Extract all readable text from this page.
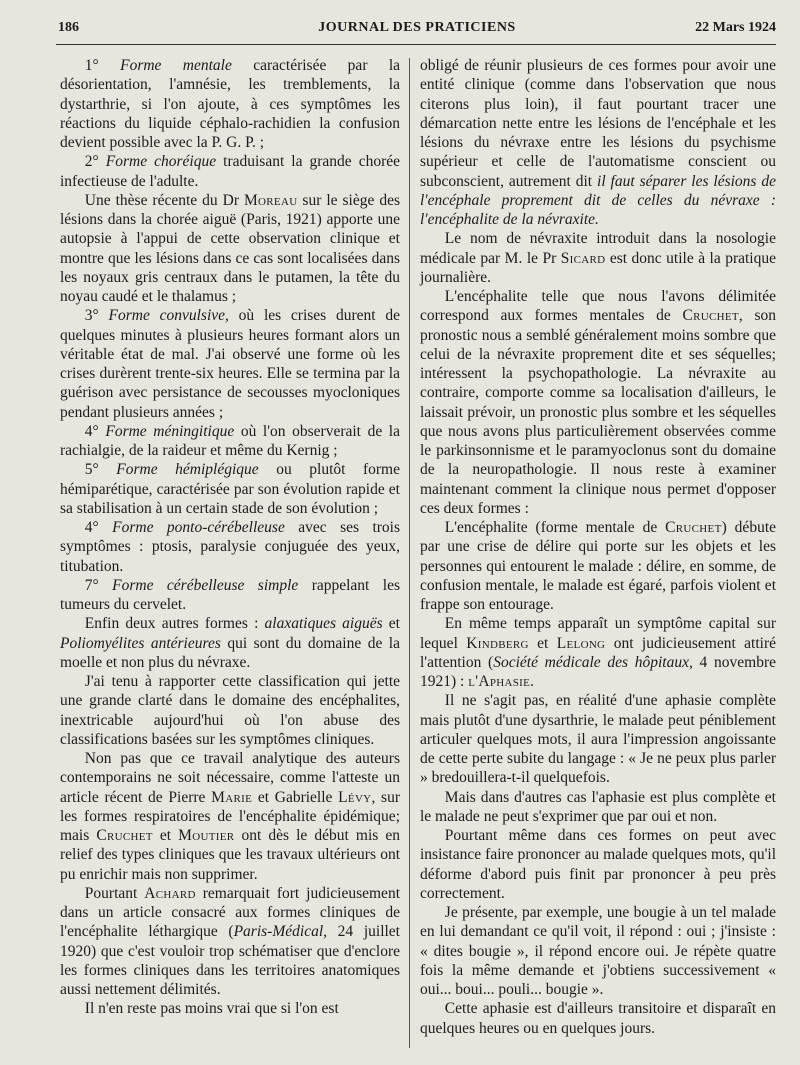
186	JOURNAL DES PRATICIENS	22 Mars 1924

1° Forme mentale caractérisée par la désorientation, l'amnésie, les tremblements, la dystarthrie, si l'on ajoute, à ces symptômes les réactions du liquide céphalo-rachidien la confusion devient possible avec la P. G. P. ;

2° Forme choréique traduisant la grande chorée infectieuse de l'adulte.

Une thèse récente du Dr Moreau sur le siège des lésions dans la chorée aiguë (Paris, 1921) apporte une autopsie à l'appui de cette observation clinique et montre que les lésions dans ce cas sont localisées dans les noyaux gris centraux dans le putamen, la tête du noyau caudé et le thalamus ;

3° Forme convulsive, où les crises durent de quelques minutes à plusieurs heures formant alors un véritable état de mal. J'ai observé une forme où les crises durèrent trente-six heures. Elle se termina par la guérison avec persistance de secousses myocloniques pendant plusieurs années ;

4° Forme méningitique où l'on observerait de la rachialgie, de la raideur et même du Kernig ;

5° Forme hémiplégique ou plutôt forme hémiparétique, caractérisée par son évolution rapide et sa stabilisation à un certain stade de son évolution ;

4° Forme ponto-cérébelleuse avec ses trois symptômes : ptosis, paralysie conjuguée des yeux, titubation.

7° Forme cérébelleuse simple rappelant les tumeurs du cervelet.

Enfin deux autres formes : alaxatiques aiguës et Poliomyélites antérieures qui sont du domaine de la moelle et non plus du névraxe.

J'ai tenu à rapporter cette classification qui jette une grande clarté dans le domaine des encéphalites, inextricable aujourd'hui où l'on abuse des classifications basées sur les symptômes cliniques.

Non pas que ce travail analytique des auteurs contemporains ne soit nécessaire, comme l'atteste un article récent de Pierre Marie et Gabrielle Lévy, sur les formes respiratoires de l'encéphalite épidémique; mais Cruchet et Moutier ont dès le début mis en relief des types cliniques que les travaux ultérieurs ont pu enrichir mais non supprimer.

Pourtant Achard remarquait fort judicieusement dans un article consacré aux formes cliniques de l'encéphalite léthargique (Paris-Médical, 24 juillet 1920) que c'est vouloir trop schématiser que d'enclore les formes cliniques dans les territoires anatomiques aussi nettement délimités.

Il n'en reste pas moins vrai que si l'on est

obligé de réunir plusieurs de ces formes pour avoir une entité clinique (comme dans l'observation que nous citerons plus loin), il faut pourtant tracer une démarcation nette entre les lésions de l'encéphale et les lésions du névraxe entre les lésions du psychisme supérieur et celle de l'automatisme conscient ou subconscient, autrement dit il faut séparer les lésions de l'encéphale proprement dit de celles du névraxe : l'encéphalite de la névraxite.

Le nom de névraxite introduit dans la nosologie médicale par M. le Pr Sicard est donc utile à la pratique journalière.

L'encéphalite telle que nous l'avons délimitée correspond aux formes mentales de Cruchet, son pronostic nous a semblé généralement moins sombre que celui de la névraxite proprement dite et ses séquelles; intéressent la psychopathologie. La névraxite au contraire, comporte comme sa localisation d'ailleurs, le laissait prévoir, un pronostic plus sombre et les séquelles que nous avons plus particulièrement observées comme le parkinsonnisme et le paramyoclonus sont du domaine de la neuropathologie. Il nous reste à examiner maintenant comment la clinique nous permet d'opposer ces deux formes :

L'encéphalite (forme mentale de Cruchet) débute par une crise de délire qui porte sur les objets et les personnes qui entourent le malade : délire, en somme, de confusion mentale, le malade est égaré, parfois violent et frappe son entourage.

En même temps apparaît un symptôme capital sur lequel Kindberg et Lelong ont judicieusement attiré l'attention (Société médicale des hôpitaux, 4 novembre 1921) : l'Aphasie.

Il ne s'agit pas, en réalité d'une aphasie complète mais plutôt d'une dysarthrie, le malade peut péniblement articuler quelques mots, il aura l'impression angoissante de cette perte subite du langage : « Je ne peux plus parler » bredouillera-t-il quelquefois.

Mais dans d'autres cas l'aphasie est plus complète et le malade ne peut s'exprimer que par oui et non.

Pourtant même dans ces formes on peut avec insistance faire prononcer au malade quelques mots, qu'il déforme d'abord puis finit par prononcer à peu près correctement.

Je présente, par exemple, une bougie à un tel malade en lui demandant ce qu'il voit, il répond : oui ; j'insiste : « dites bougie », il répond encore oui. Je répète quatre fois la même demande et j'obtiens successivement « oui... boui... pouli... bougie ».

Cette aphasie est d'ailleurs transitoire et disparaît en quelques heures ou en quelques jours.
